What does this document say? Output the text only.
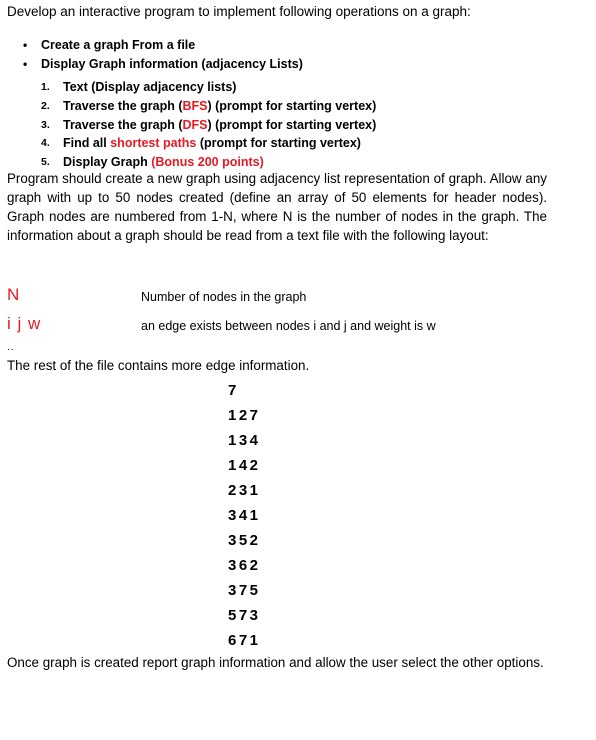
Develop an interactive program to implement following operations on a graph:
• Create a graph From a file
• Display Graph information (adjacency Lists)
1. Text (Display adjacency lists)
2. Traverse the graph (BFS) (prompt for starting vertex)
3. Traverse the graph (DFS) (prompt for starting vertex)
4. Find all shortest paths (prompt for starting vertex)
5. Display Graph (Bonus 200 points)
Program should create a new graph using adjacency list representation of graph. Allow any graph with up to 50 nodes created (define an array of 50 elements for header nodes). Graph nodes are numbered from 1-N, where N is the number of nodes in the graph. The information about a graph should be read from a text file with the following layout:
N	Number of nodes in the graph
i j w	an edge exists between nodes i and j and weight is w
..
The rest of the file contains more edge information.
7
127
134
142
231
341
352
362
375
573
671
Once graph is created report graph information and allow the user select the other options.
